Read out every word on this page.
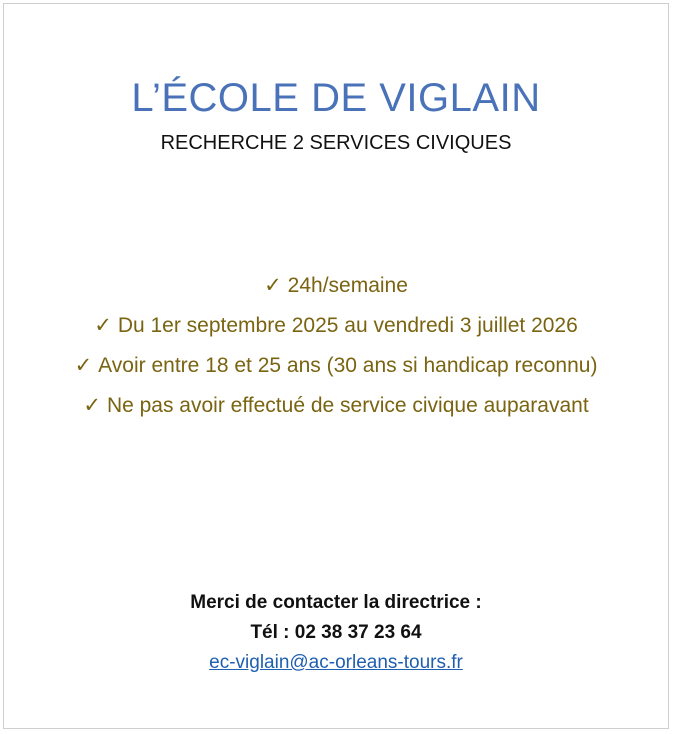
L’ÉCOLE DE VIGLAIN
RECHERCHE 2 SERVICES CIVIQUES
✓ 24h/semaine
✓ Du 1er septembre 2025 au vendredi 3 juillet 2026
✓ Avoir entre 18 et 25 ans (30 ans si handicap reconnu)
✓ Ne pas avoir effectué de service civique auparavant
Merci de contacter la directrice :
Tél : 02 38 37 23 64
ec-viglain@ac-orleans-tours.fr
